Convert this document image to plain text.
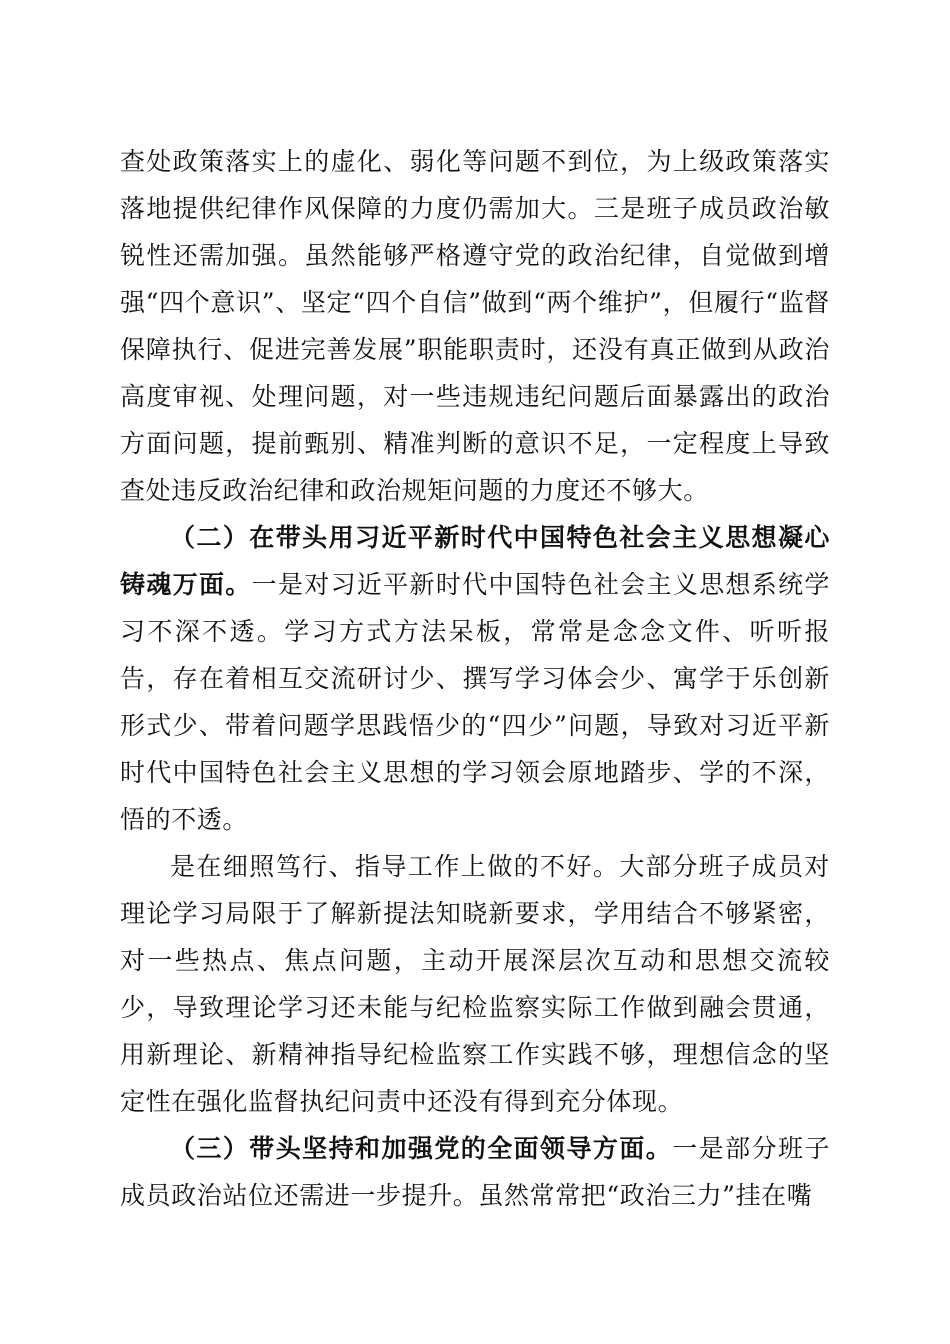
查处政策落实上的虚化、弱化等问题不到位，为上级政策落实落地提供纪律作风保障的力度仍需加大。三是班子成员政治敏锐性还需加强。虽然能够严格遵守党的政治纪律，自觉做到增强“四个意识”、坚定“四个自信”做到“两个维护”，但履行“监督保障执行、促进完善发展”职能职责时，还没有真正做到从政治高度审视、处理问题，对一些违规违纪问题后面暴露出的政治方面问题，提前甄别、精准判断的意识不足，一定程度上导致查处违反政治纪律和政治规矩问题的力度还不够大。

（二）在带头用习近平新时代中国特色社会主义思想凝心铸魂万面。一是对习近平新时代中国特色社会主义思想系统学习不深不透。学习方式方法呆板，常常是念念文件、听听报告，存在着相互交流研讨少、撰写学习体会少、寓学于乐创新形式少、带着问题学思践悟少的“四少”问题，导致对习近平新时代中国特色社会主义思想的学习领会原地踏步、学的不深，悟的不透。

是在细照笃行、指导工作上做的不好。大部分班子成员对理论学习局限于了解新提法知晓新要求，学用结合不够紧密，对一些热点、焦点问题，主动开展深层次互动和思想交流较少，导致理论学习还未能与纪检监察实际工作做到融会贯通，用新理论、新精神指导纪检监察工作实践不够，理想信念的坚定性在强化监督执纪问责中还没有得到充分体现。

（三）带头坚持和加强党的全面领导方面。一是部分班子成员政治站位还需进一步提升。虽然常常把“政治三力”挂在嘴
